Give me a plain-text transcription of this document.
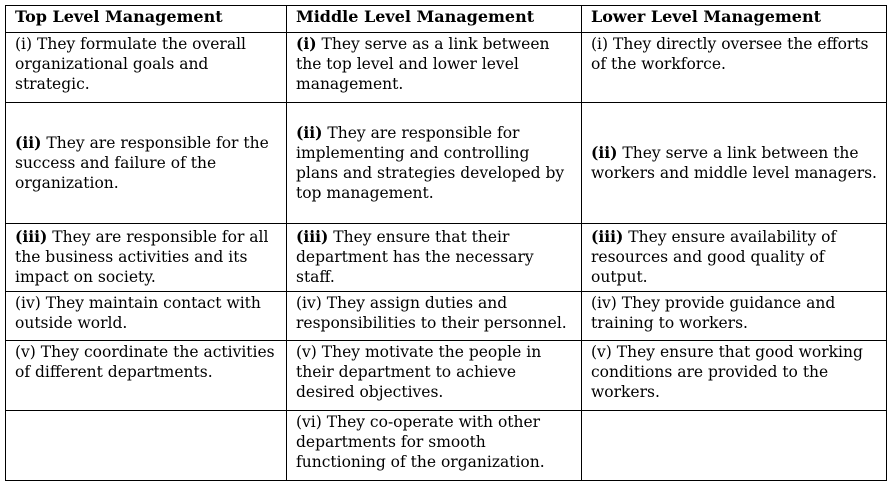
Top Level Management	Middle Level Management	Lower Level Management
(i) They formulate the overall organizational goals and strategic.	(i) They serve as a link between the top level and lower level management.	(i) They directly oversee the efforts of the workforce.
(ii) They are responsible for the success and failure of the organization.	(ii) They are responsible for implementing and controlling plans and strategies developed by top management.	(ii) They serve a link between the workers and middle level managers.
(iii) They are responsible for all the business activities and its impact on society.	(iii) They ensure that their department has the necessary staff.	(iii) They ensure availability of resources and good quality of output.
(iv) They maintain contact with outside world.	(iv) They assign duties and responsibilities to their personnel.	(iv) They provide guidance and training to workers.
(v) They coordinate the activities of different departments.	(v) They motivate the people in their department to achieve desired objectives.	(v) They ensure that good working conditions are provided to the workers.
	(vi) They co-operate with other departments for smooth functioning of the organization.	
